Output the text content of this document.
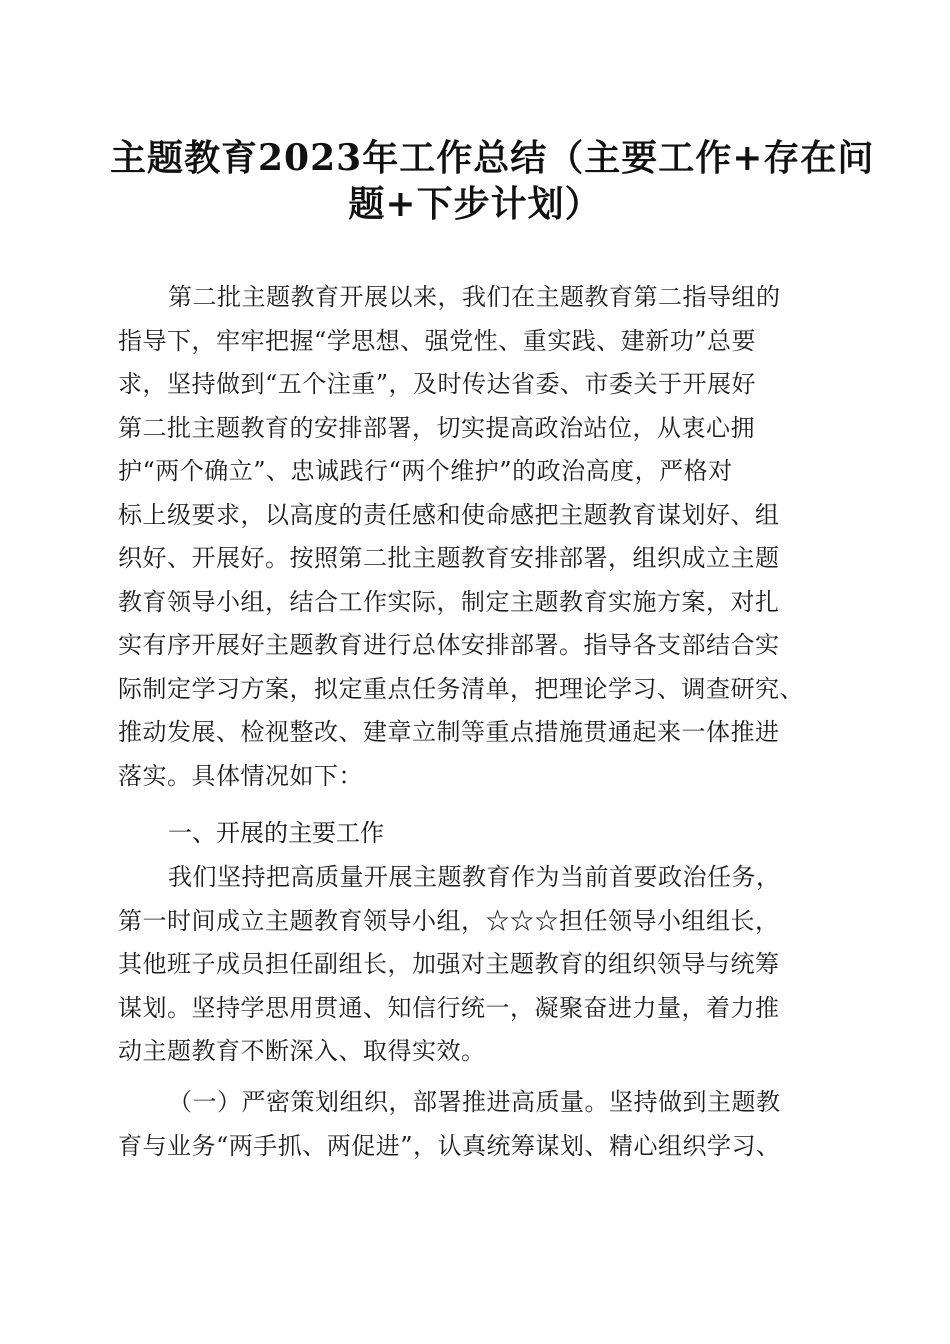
主题教育2023年工作总结（主要工作+存在问
题+下步计划）
第二批主题教育开展以来，我们在主题教育第二指导组的
指导下，牢牢把握“学思想、强党性、重实践、建新功”总要
求，坚持做到“五个注重”，及时传达省委、市委关于开展好
第二批主题教育的安排部署，切实提高政治站位，从衷心拥
护“两个确立”、忠诚践行“两个维护”的政治高度，严格对
标上级要求，以高度的责任感和使命感把主题教育谋划好、组
织好、开展好。按照第二批主题教育安排部署，组织成立主题
教育领导小组，结合工作实际，制定主题教育实施方案，对扎
实有序开展好主题教育进行总体安排部署。指导各支部结合实
际制定学习方案，拟定重点任务清单，把理论学习、调查研究、
推动发展、检视整改、建章立制等重点措施贯通起来一体推进
落实。具体情况如下：
一、开展的主要工作
我们坚持把高质量开展主题教育作为当前首要政治任务，
第一时间成立主题教育领导小组，☆☆☆担任领导小组组长，
其他班子成员担任副组长，加强对主题教育的组织领导与统筹
谋划。坚持学思用贯通、知信行统一，凝聚奋进力量，着力推
动主题教育不断深入、取得实效。
（一）严密策划组织，部署推进高质量。坚持做到主题教
育与业务“两手抓、两促进”，认真统筹谋划、精心组织学习、
